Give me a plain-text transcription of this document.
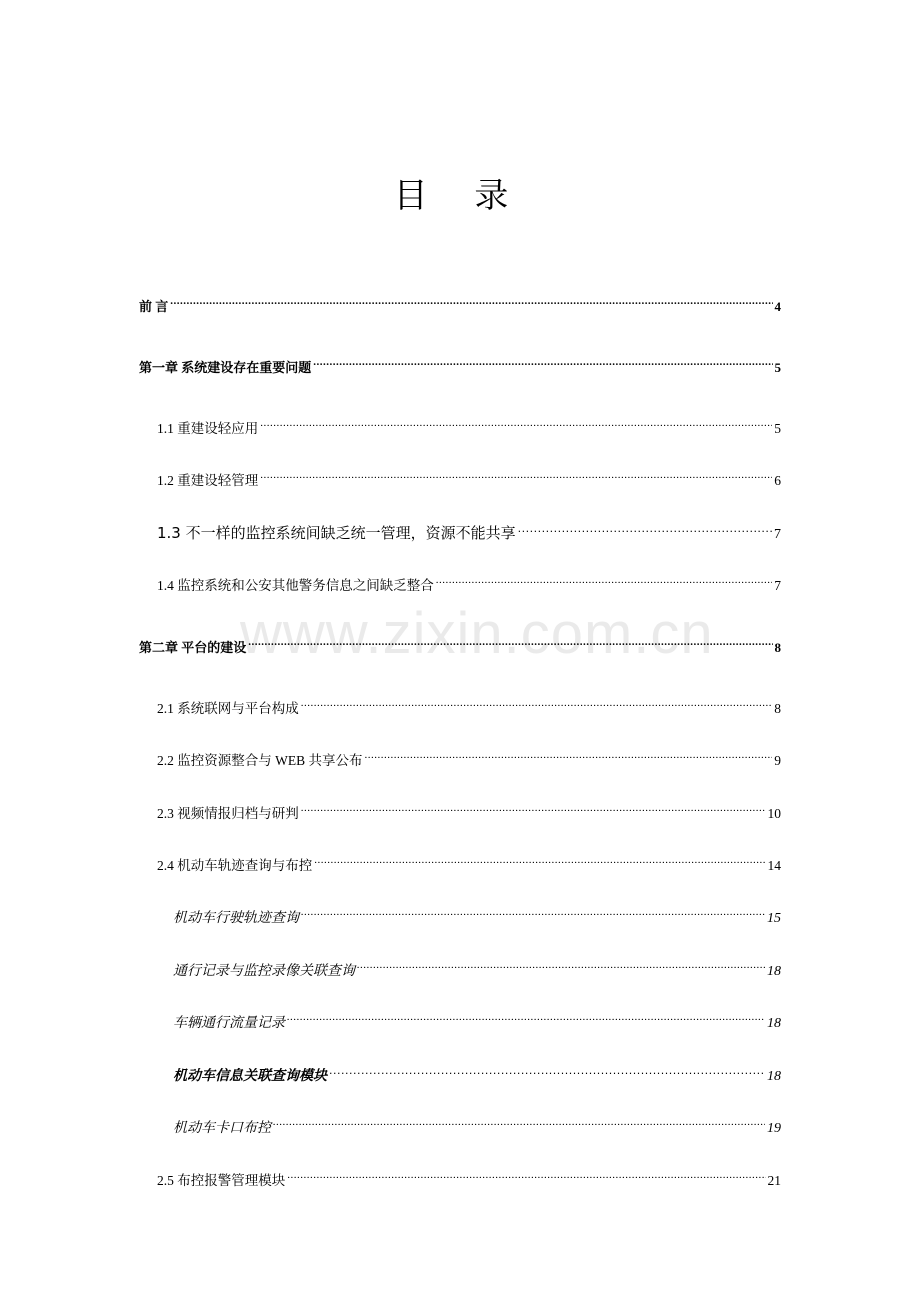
目 录
www.zixin.com.cn
前 言 .....	4
第一章 系统建设存在重要问题 .....	5
1.1 重建设轻应用 .....	5
1.2 重建设轻管理 .....	6
1.3 不一样的监控系统间缺乏统一管理，资源不能共享 .....	7
1.4 监控系统和公安其他警务信息之间缺乏整合 .....	7
第二章 平台的建设 .....	8
2.1 系统联网与平台构成 .....	8
2.2 监控资源整合与 WEB 共享公布 .....	9
2.3 视频情报归档与研判 .....	10
2.4 机动车轨迹查询与布控 .....	14
机动车行驶轨迹查询 .....	15
通行记录与监控录像关联查询 .....	18
车辆通行流量记录 .....	18
机动车信息关联查询模块 .....	18
机动车卡口布控 .....	19
2.5 布控报警管理模块 .....	21
